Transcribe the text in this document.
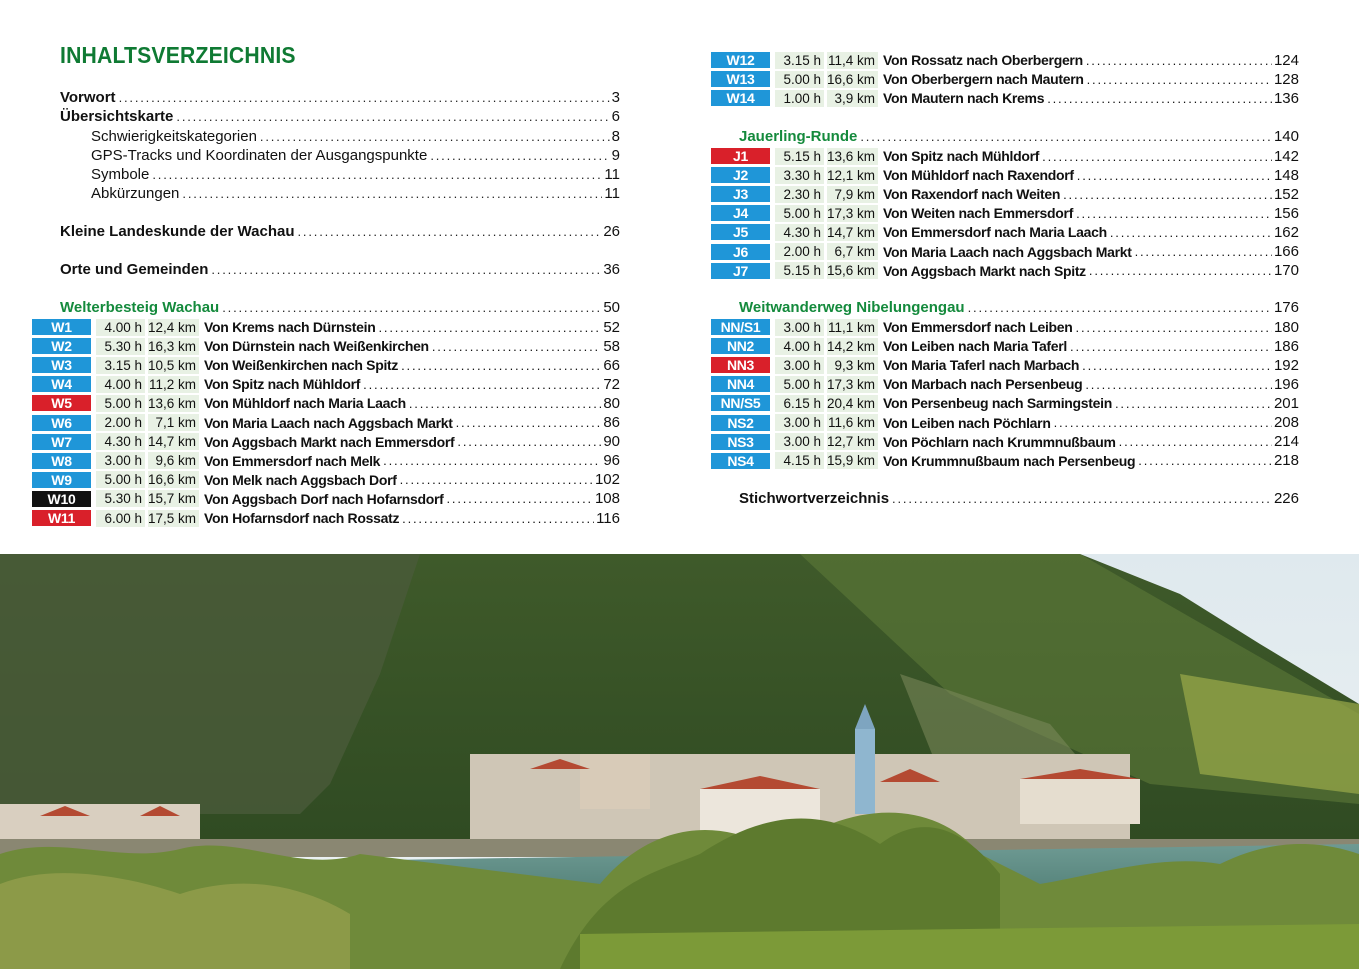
INHALTSVERZEICHNIS
Vorwort . . .	3
Übersichtskarte . . .	6
Schwierigkeitskategorien . . .	8
GPS-Tracks und Koordinaten der Ausgangspunkte . . .	9
Symbole . . .	11
Abkürzungen . . .	11
Kleine Landeskunde der Wachau . . .	26
Orte und Gemeinden . . .	36
Welterbesteig Wachau . . .	50
W1	4.00 h 12,4 km Von Krems nach Dürnstein . . .	52
W2	5.30 h 16,3 km Von Dürnstein nach Weißenkirchen . . .	58
W3	3.15 h 10,5 km Von Weißenkirchen nach Spitz . . .	66
W4	4.00 h 11,2 km Von Spitz nach Mühldorf . . .	72
W5	5.00 h 13,6 km Von Mühldorf nach Maria Laach . . .	80
W6	2.00 h 7,1 km Von Maria Laach nach Aggsbach Markt . . .	86
W7	4.30 h 14,7 km Von Aggsbach Markt nach Emmersdorf . . .	90
W8	3.00 h 9,6 km Von Emmersdorf nach Melk . . .	96
W9	5.00 h 16,6 km Von Melk nach Aggsbach Dorf . . .	102
W10	5.30 h 15,7 km Von Aggsbach Dorf nach Hofarnsdorf . . .	108
W11	6.00 h 17,5 km Von Hofarnsdorf nach Rossatz . . .	116
W12	3.15 h 11,4 km Von Rossatz nach Oberbergern . . .	124
W13	5.00 h 16,6 km Von Oberbergern nach Mautern . . .	128
W14	1.00 h 3,9 km Von Mautern nach Krems . . .	136
Jauerling-Runde . . .	140
J1	5.15 h 13,6 km Von Spitz nach Mühldorf . . .	142
J2	3.30 h 12,1 km Von Mühldorf nach Raxendorf . . .	148
J3	2.30 h 7,9 km Von Raxendorf nach Weiten . . .	152
J4	5.00 h 17,3 km Von Weiten nach Emmersdorf . . .	156
J5	4.30 h 14,7 km Von Emmersdorf nach Maria Laach . . .	162
J6	2.00 h 6,7 km Von Maria Laach nach Aggsbach Markt . . .	166
J7	5.15 h 15,6 km Von Aggsbach Markt nach Spitz . . .	170
Weitwanderweg Nibelungengau . . .	176
NN/S1	3.00 h 11,1 km Von Emmersdorf nach Leiben . . .	180
NN2	4.00 h 14,2 km Von Leiben nach Maria Taferl . . .	186
NN3	3.00 h 9,3 km Von Maria Taferl nach Marbach . . .	192
NN4	5.00 h 17,3 km Von Marbach nach Persenbeug . . .	196
NN/S5	6.15 h 20,4 km Von Persenbeug nach Sarmingstein . . .	201
NS2	3.00 h 11,6 km Von Leiben nach Pöchlarn . . .	208
NS3	3.00 h 12,7 km Von Pöchlarn nach Krummnußbaum . . .	214
NS4	4.15 h 15,9 km Von Krummnußbaum nach Persenbeug . . .	218
Stichwortverzeichnis . . .	226
